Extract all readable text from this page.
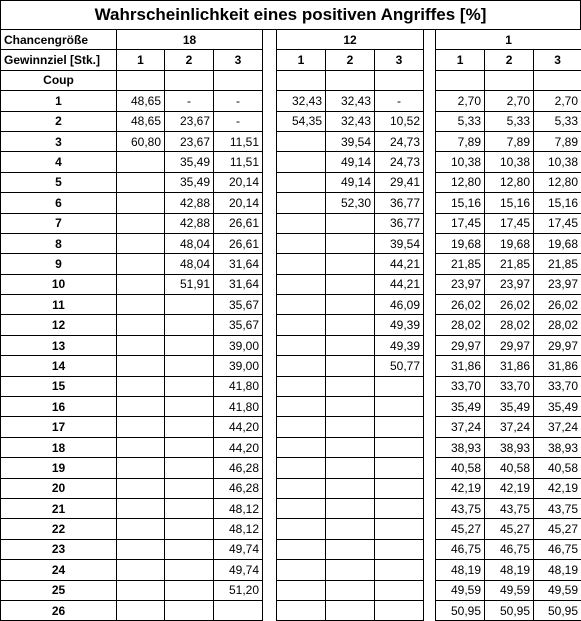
Wahrscheinlichkeit eines positiven Angriffes [%]
Chancengröße	18				12				1		
Gewinnziel [Stk.]	1	2	3		1	2	3		1	2	3
Coup											
1	48,65	-	-		32,43	32,43	-		2,70	2,70	2,70
2	48,65	23,67	-		54,35	32,43	10,52		5,33	5,33	5,33
3	60,80	23,67	11,51			39,54	24,73		7,89	7,89	7,89
4		35,49	11,51			49,14	24,73		10,38	10,38	10,38
5		35,49	20,14			49,14	29,41		12,80	12,80	12,80
6		42,88	20,14			52,30	36,77		15,16	15,16	15,16
7		42,88	26,61				36,77		17,45	17,45	17,45
8		48,04	26,61				39,54		19,68	19,68	19,68
9		48,04	31,64				44,21		21,85	21,85	21,85
10		51,91	31,64				44,21		23,97	23,97	23,97
11			35,67				46,09		26,02	26,02	26,02
12			35,67				49,39		28,02	28,02	28,02
13			39,00				49,39		29,97	29,97	29,97
14			39,00				50,77		31,86	31,86	31,86
15			41,80						33,70	33,70	33,70
16			41,80						35,49	35,49	35,49
17			44,20						37,24	37,24	37,24
18			44,20						38,93	38,93	38,93
19			46,28						40,58	40,58	40,58
20			46,28						42,19	42,19	42,19
21			48,12						43,75	43,75	43,75
22			48,12						45,27	45,27	45,27
23			49,74						46,75	46,75	46,75
24			49,74						48,19	48,19	48,19
25			51,20						49,59	49,59	49,59
26									50,95	50,95	50,95
